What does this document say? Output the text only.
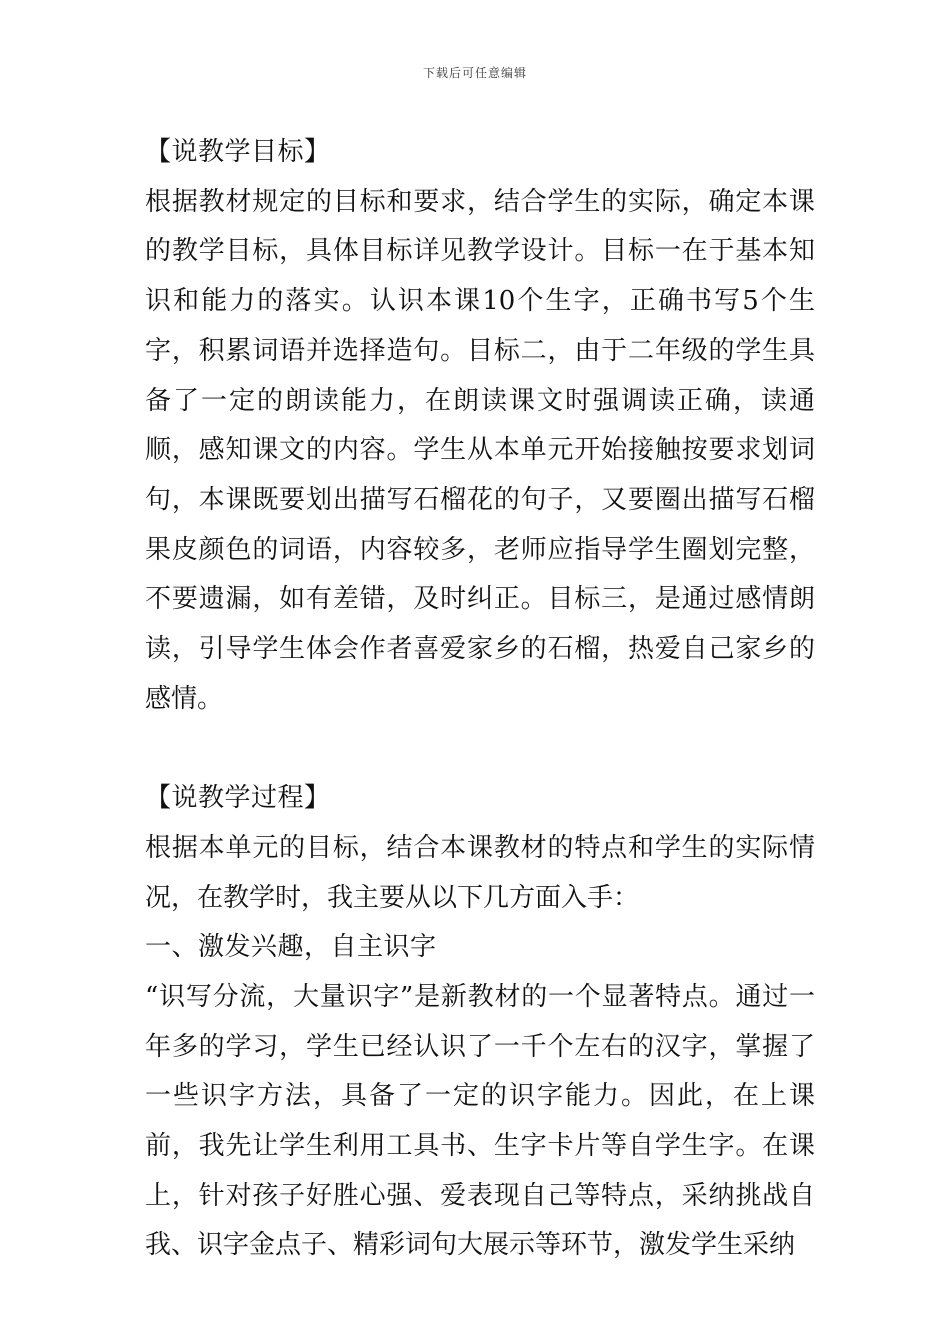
下载后可任意编辑

【说教学目标】

根据教材规定的目标和要求，结合学生的实际，确定本课的教学目标，具体目标详见教学设计。目标一在于基本知识和能力的落实。认识本课10个生字，正确书写5个生字，积累词语并选择造句。目标二，由于二年级的学生具备了一定的朗读能力，在朗读课文时强调读正确，读通顺，感知课文的内容。学生从本单元开始接触按要求划词句，本课既要划出描写石榴花的句子，又要圈出描写石榴果皮颜色的词语，内容较多，老师应指导学生圈划完整，不要遗漏，如有差错，及时纠正。目标三，是通过感情朗读，引导学生体会作者喜爱家乡的石榴，热爱自己家乡的感情。

【说教学过程】

根据本单元的目标，结合本课教材的特点和学生的实际情况，在教学时，我主要从以下几方面入手：

一、激发兴趣，自主识字

“识写分流，大量识字”是新教材的一个显著特点。通过一年多的学习，学生已经认识了一千个左右的汉字，掌握了一些识字方法，具备了一定的识字能力。因此，在上课前，我先让学生利用工具书、生字卡片等自学生字。在课上，针对孩子好胜心强、爱表现自己等特点，采纳挑战自我、识字金点子、精彩词句大展示等环节，激发学生采纳
